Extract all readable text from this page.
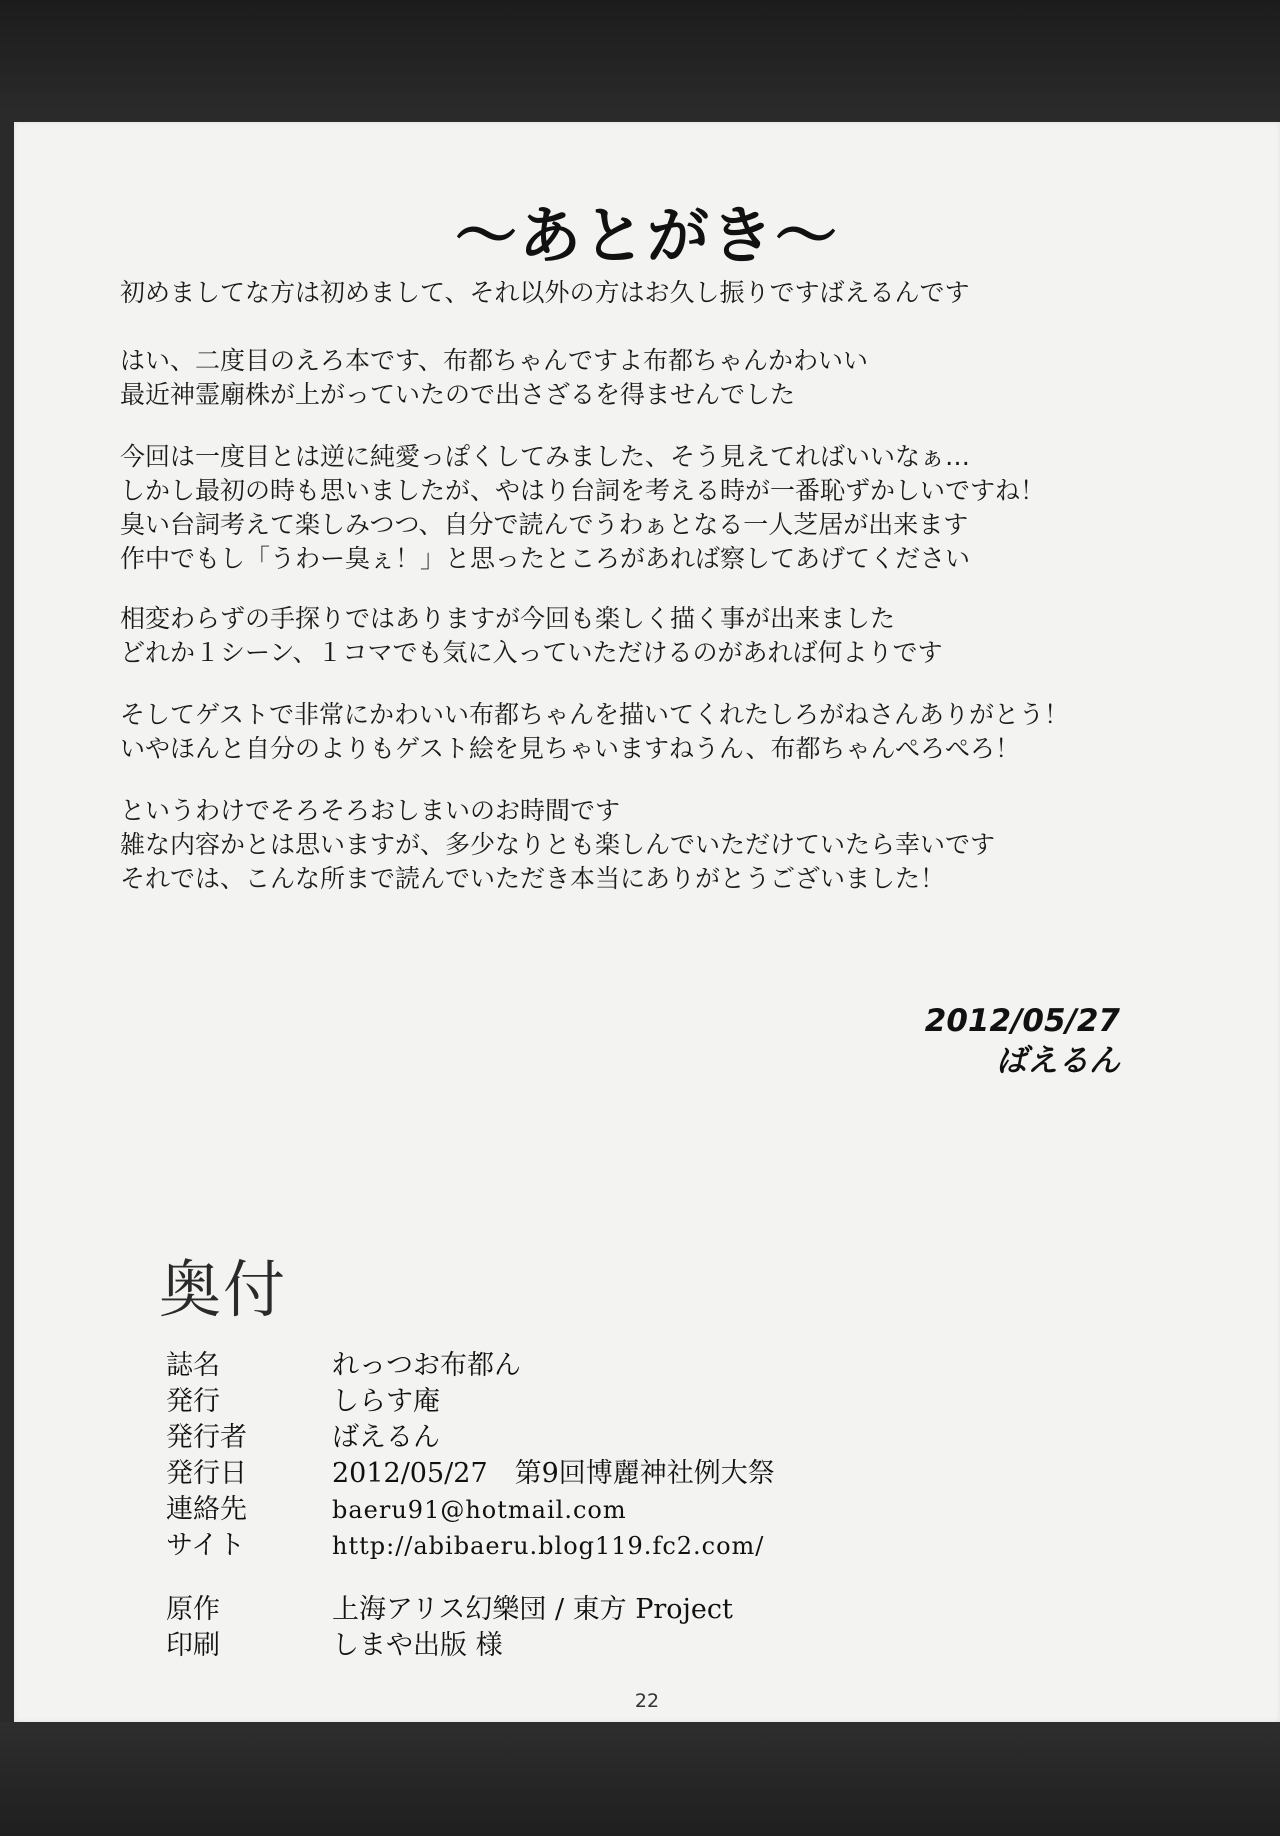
〜あとがき〜
初めましてな方は初めまして、それ以外の方はお久し振りですばえるんです
はい、二度目のえろ本です、布都ちゃんですよ布都ちゃんかわいい
最近神霊廟株が上がっていたので出さざるを得ませんでした
今回は一度目とは逆に純愛っぽくしてみました、そう見えてればいいなぁ…
しかし最初の時も思いましたが、やはり台詞を考える時が一番恥ずかしいですね！
臭い台詞考えて楽しみつつ、自分で読んでうわぁとなる一人芝居が出来ます
作中でもし「うわー臭ぇ！」と思ったところがあれば察してあげてください
相変わらずの手探りではありますが今回も楽しく描く事が出来ました
どれか１シーン、１コマでも気に入っていただけるのがあれば何よりです
そしてゲストで非常にかわいい布都ちゃんを描いてくれたしろがねさんありがとう！
いやほんと自分のよりもゲスト絵を見ちゃいますねうん、布都ちゃんぺろぺろ！
というわけでそろそろおしまいのお時間です
雑な内容かとは思いますが、多少なりとも楽しんでいただけていたら幸いです
それでは、こんな所まで読んでいただき本当にありがとうございました！
2012/05/27
ばえるん
奥付
誌名	れっつお布都ん
発行	しらす庵
発行者	ばえるん
発行日	2012/05/27　第9回博麗神社例大祭
連絡先	baeru91@hotmail.com
サイト	http://abibaeru.blog119.fc2.com/
原作	上海アリス幻樂団 / 東方 Project
印刷	しまや出版 様
22
